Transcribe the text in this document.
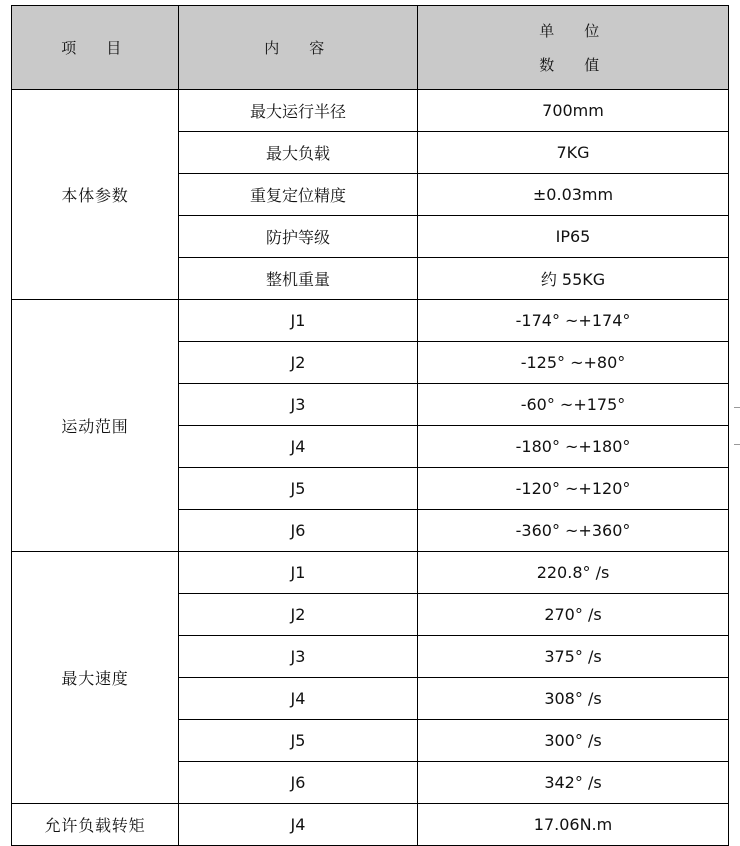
项　目	内　容	单　位
数　值

本体参数	最大运行半径	700mm
	最大负载	7KG
	重复定位精度	±0.03mm
	防护等级	IP65
	整机重量	约 55KG
运动范围	J1	-174° ~+174°
	J2	-125° ~+80°
	J3	-60° ~+175°
	J4	-180° ~+180°
	J5	-120° ~+120°
	J6	-360° ~+360°
最大速度	J1	220.8° /s
	J2	270° /s
	J3	375° /s
	J4	308° /s
	J5	300° /s
	J6	342° /s
允许负载转矩	J4	17.06N.m
